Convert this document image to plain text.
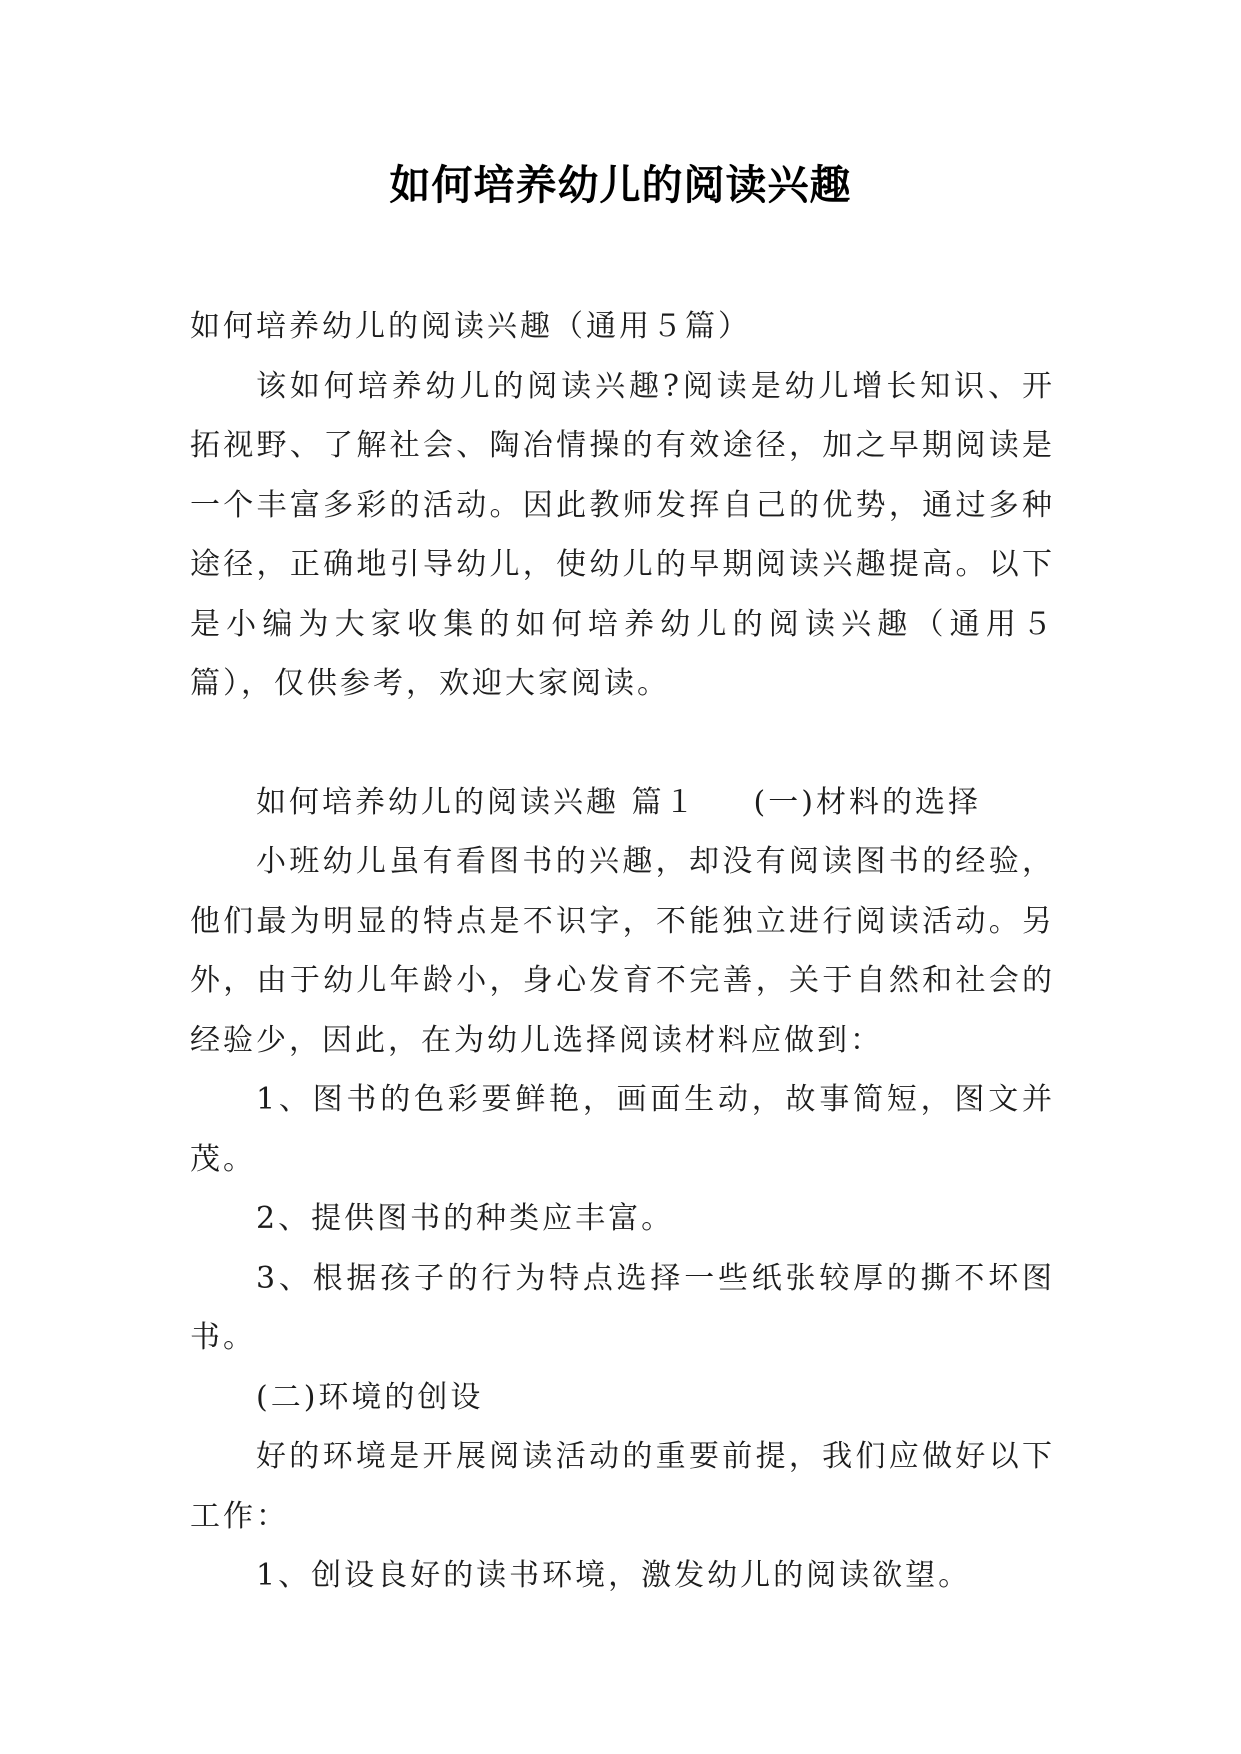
如何培养幼儿的阅读兴趣

如何培养幼儿的阅读兴趣（通用５篇）

该如何培养幼儿的阅读兴趣?阅读是幼儿增长知识、开拓视野、了解社会、陶冶情操的有效途径，加之早期阅读是一个丰富多彩的活动。因此教师发挥自己的优势，通过多种途径，正确地引导幼儿，使幼儿的早期阅读兴趣提高。以下是小编为大家收集的如何培养幼儿的阅读兴趣（通用５篇），仅供参考，欢迎大家阅读。

如何培养幼儿的阅读兴趣 篇１ (一)材料的选择

小班幼儿虽有看图书的兴趣，却没有阅读图书的经验，他们最为明显的特点是不识字，不能独立进行阅读活动。另外，由于幼儿年龄小，身心发育不完善，关于自然和社会的经验少，因此，在为幼儿选择阅读材料应做到：

1、图书的色彩要鲜艳，画面生动，故事简短，图文并茂。

2、提供图书的种类应丰富。

3、根据孩子的行为特点选择一些纸张较厚的撕不坏图书。

(二)环境的创设

好的环境是开展阅读活动的重要前提，我们应做好以下工作：

1、创设良好的读书环境，激发幼儿的阅读欲望。
